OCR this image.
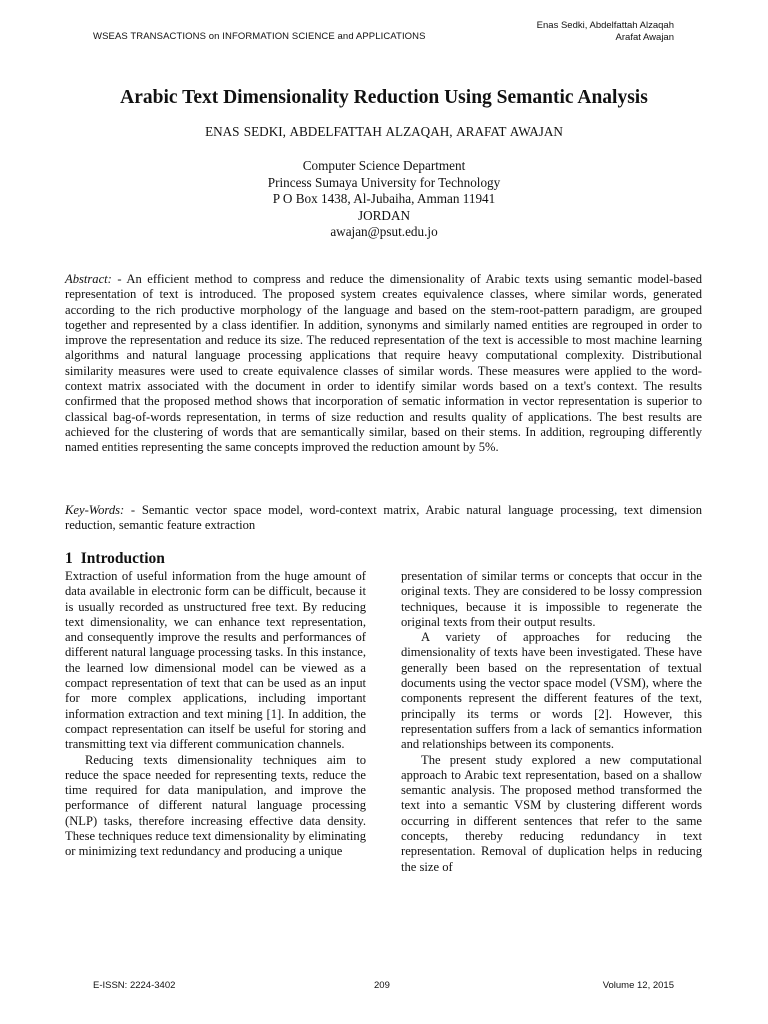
WSEAS TRANSACTIONS on INFORMATION SCIENCE and APPLICATIONS
Enas Sedki, Abdelfattah Alzaqah
Arafat Awajan
Arabic Text Dimensionality Reduction Using Semantic Analysis
ENAS SEDKI, ABDELFATTAH ALZAQAH, ARAFAT AWAJAN
Computer Science Department
Princess Sumaya University for Technology
P O Box 1438, Al-Jubaiha, Amman 11941
JORDAN
awajan@psut.edu.jo

Abstract: - An efficient method to compress and reduce the dimensionality of Arabic texts using semantic model-based representation of text is introduced. The proposed system creates equivalence classes, where similar words, generated according to the rich productive morphology of the language and based on the stem-root-pattern paradigm, are grouped together and represented by a class identifier. In addition, synonyms and similarly named entities are regrouped in order to improve the representation and reduce its size. The reduced representation of the text is accessible to most machine learning algorithms and natural language processing applications that require heavy computational complexity. Distributional similarity measures were used to create equivalence classes of similar words. These measures were applied to the word-context matrix associated with the document in order to identify similar words based on a text's context. The results confirmed that the proposed method shows that incorporation of sematic information in vector representation is superior to classical bag-of-words representation, in terms of size reduction and results quality of applications. The best results are achieved for the clustering of words that are semantically similar, based on their stems. In addition, regrouping differently named entities representing the same concepts improved the reduction amount by 5%.

Key-Words: - Semantic vector space model, word-context matrix, Arabic natural language processing, text dimension reduction, semantic feature extraction

1 Introduction

Extraction of useful information from the huge amount of data available in electronic form can be difficult, because it is usually recorded as unstructured free text. By reducing text dimensionality, we can enhance text representation, and consequently improve the results and performances of different natural language processing tasks. In this instance, the learned low dimensional model can be viewed as a compact representation of text that can be used as an input for more complex applications, including important information extraction and text mining [1]. In addition, the compact representation can itself be useful for storing and transmitting text via different communication channels.

Reducing texts dimensionality techniques aim to reduce the space needed for representing texts, reduce the time required for data manipulation, and improve the performance of different natural language processing (NLP) tasks, therefore increasing effective data density. These techniques reduce text dimensionality by eliminating or minimizing text redundancy and producing a unique

presentation of similar terms or concepts that occur in the original texts. They are considered to be lossy compression techniques, because it is impossible to regenerate the original texts from their output results.

A variety of approaches for reducing the dimensionality of texts have been investigated. These have generally been based on the representation of textual documents using the vector space model (VSM), where the components represent the different features of the text, principally its terms or words [2]. However, this representation suffers from a lack of semantics information and relationships between its components.

The present study explored a new computational approach to Arabic text representation, based on a shallow semantic analysis. The proposed method transformed the text into a semantic VSM by clustering different words occurring in different sentences that refer to the same concepts, thereby reducing redundancy in text representation. Removal of duplication helps in reducing the size of

E-ISSN: 2224-3402	209	Volume 12, 2015
